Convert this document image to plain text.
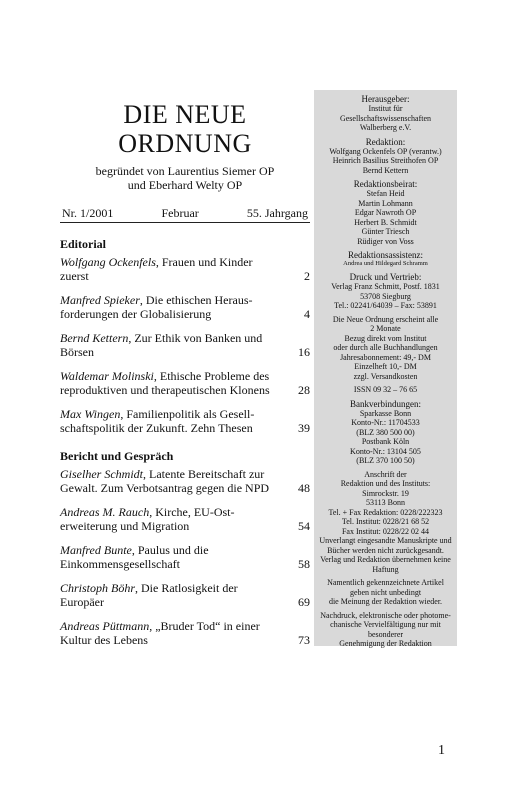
DIE NEUE
ORDNUNG
begründet von Laurentius Siemer OP
und Eberhard Welty OP
Nr. 1/2001	Februar	55. Jahrgang
Editorial
Wolfgang Ockenfels, Frauen und Kinder
zuerst	2
Manfred Spieker, Die ethischen Heraus-
forderungen der Globalisierung	4
Bernd Kettern, Zur Ethik von Banken und
Börsen	16
Waldemar Molinski, Ethische Probleme des
reproduktiven und therapeutischen Klonens	28
Max Wingen, Familienpolitik als Gesell-
schaftspolitik der Zukunft. Zehn Thesen	39
Bericht und Gespräch
Giselher Schmidt, Latente Bereitschaft zur
Gewalt. Zum Verbotsantrag gegen die NPD	48
Andreas M. Rauch, Kirche, EU-Ost-
erweiterung und Migration	54
Manfred Bunte, Paulus und die
Einkommensgesellschaft	58
Christoph Böhr, Die Ratlosigkeit der
Europäer	69
Andreas Püttmann, „Bruder Tod“ in einer
Kultur des Lebens	73
Herausgeber:
Institut für
Gesellschaftswissenschaften
Walberberg e.V.
Redaktion:
Wolfgang Ockenfels OP (verantw.)
Heinrich Basilius Streithofen OP
Bernd Kettern
Redaktionsbeirat:
Stefan Heid
Martin Lohmann
Edgar Nawroth OP
Herbert B. Schmidt
Günter Triesch
Rüdiger von Voss
Redaktionsassistenz:
Andrea und Hildegard Schramm
Druck und Vertrieb:
Verlag Franz Schmitt, Postf. 1831
53708 Siegburg
Tel.: 02241/64039 – Fax: 53891
Die Neue Ordnung erscheint alle
2 Monate
Bezug direkt vom Institut
oder durch alle Buchhandlungen
Jahresabonnement: 49,- DM
Einzelheft 10,- DM
zzgl. Versandkosten
ISSN 09 32 – 76 65
Bankverbindungen:
Sparkasse Bonn
Konto-Nr.: 11704533
(BLZ 380 500 00)
Postbank Köln
Konto-Nr.: 13104 505
(BLZ 370 100 50)
Anschrift der
Redaktion und des Instituts:
Simrockstr. 19
53113 Bonn
Tel. + Fax Redaktion: 0228/222323
Tel. Institut: 0228/21 68 52
Fax Institut: 0228/22 02 44
Unverlangt eingesandte Manuskripte und
Bücher werden nicht zurückgesandt.
Verlag und Redaktion übernehmen keine
Haftung
Namentlich gekennzeichnete Artikel
geben nicht unbedingt
die Meinung der Redaktion wieder.
Nachdruck, elektronische oder photome-
chanische Vervielfältigung nur mit
besonderer
Genehmigung der Redaktion
1
